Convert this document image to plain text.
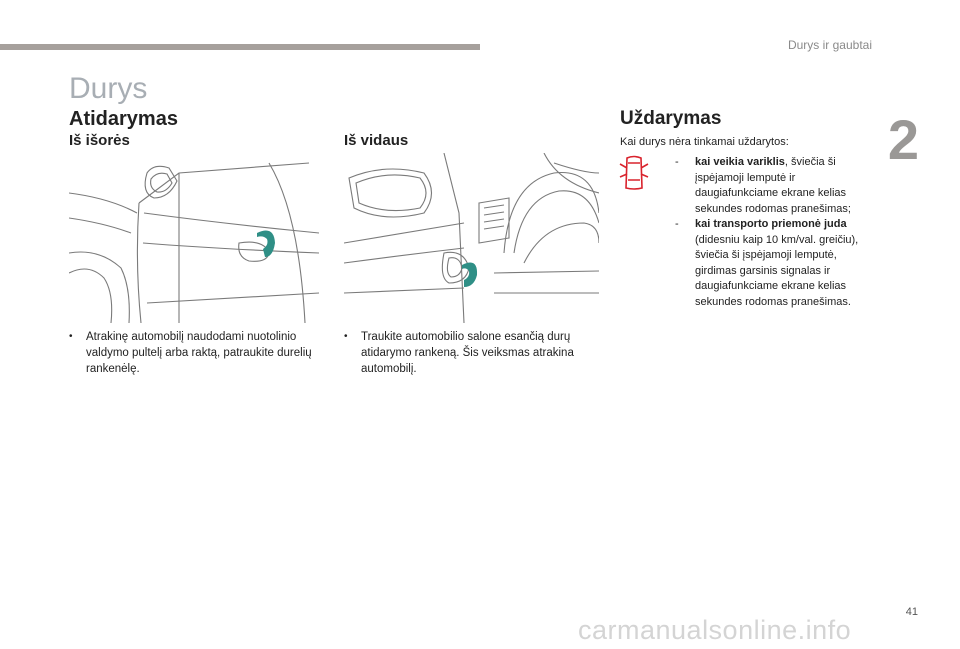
Durys ir gaubtai
2
Durys
Atidarymas
Iš išorės	Iš vidaus
•	Atrakinę automobilį naudodami nuotolinio valdymo pultelį arba raktą, patraukite durelių rankenėlę.
•	Traukite automobilio salone esančią durų atidarymo rankeną. Šis veiksmas atrakina automobilį.
Uždarymas
Kai durys nėra tinkamai uždarytos:
-	kai veikia variklis, šviečia ši įspėjamoji lemputė ir daugiafunkciame ekrane kelias sekundes rodomas pranešimas;
-	kai transporto priemonė juda (didesniu kaip 10 km/val. greičiu), šviečia ši įspėjamoji lemputė, girdimas garsinis signalas ir daugiafunkciame ekrane kelias sekundes rodomas pranešimas.
41
carmanualsonline.info
